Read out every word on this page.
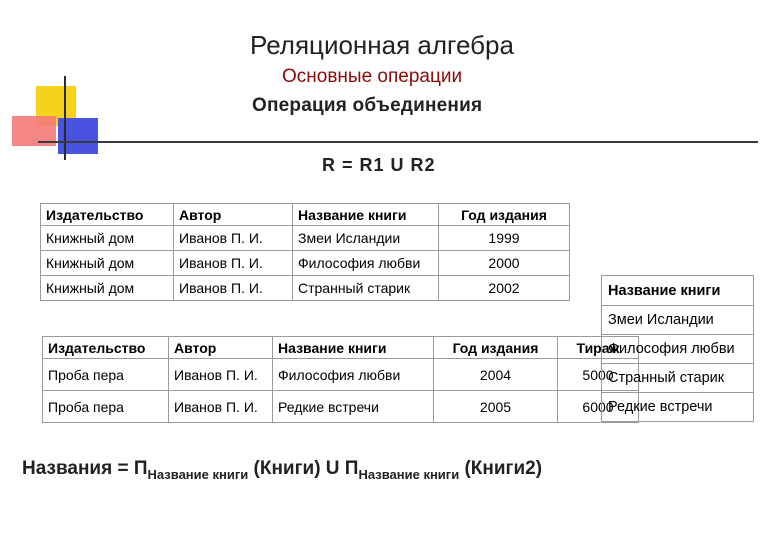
Реляционная алгебра
Основные операции
Операция объединения
R = R1 U R2
Издательство	Автор	Название книги	Год издания
Книжный дом	Иванов П. И.	Змеи Исландии	1999
Книжный дом	Иванов П. И.	Философия любви	2000
Книжный дом	Иванов П. И.	Странный старик	2002
Издательство	Автор	Название книги	Год издания	Тираж
Проба пера	Иванов П. И.	Философия любви	2004	5000
Проба пера	Иванов П. И.	Редкие встречи	2005	6000
Название книги
Змеи Исландии
Философия любви
Странный старик
Редкие встречи
Названия = $П_{Название книги}$ (Книги) U $П_{Название книги}$ (Книги2)
